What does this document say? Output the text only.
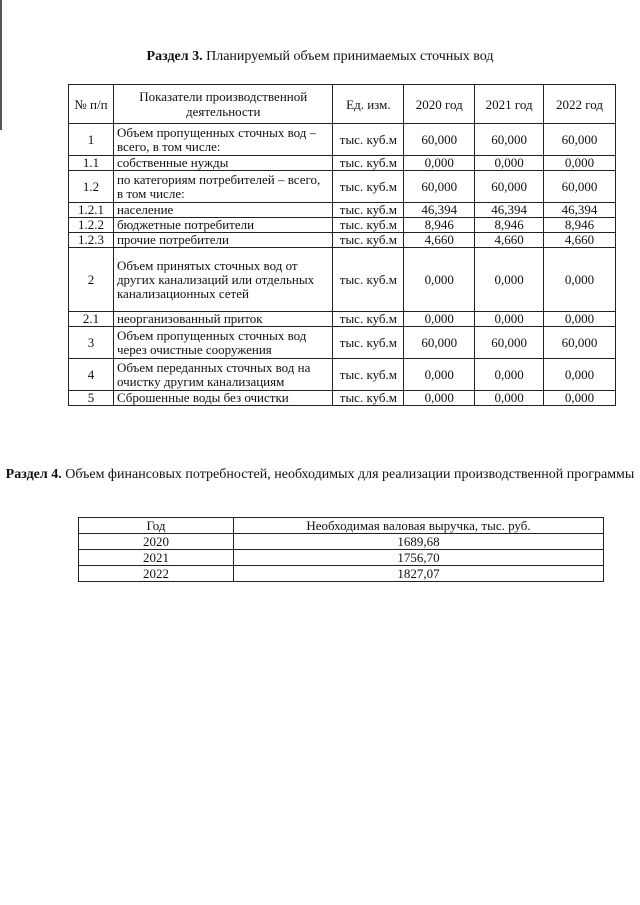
Раздел 3. Планируемый объем принимаемых сточных вод
№ п/п	Показатели производственной деятельности	Ед. изм.	2020 год	2021 год	2022 год
1	Объем пропущенных сточных вод – всего, в том числе:	тыс. куб.м	60,000	60,000	60,000
1.1	собственные нужды	тыс. куб.м	0,000	0,000	0,000
1.2	по категориям потребителей – всего, в том числе:	тыс. куб.м	60,000	60,000	60,000
1.2.1	население	тыс. куб.м	46,394	46,394	46,394
1.2.2	бюджетные потребители	тыс. куб.м	8,946	8,946	8,946
1.2.3	прочие потребители	тыс. куб.м	4,660	4,660	4,660
2	Объем принятых сточных вод от других канализаций или отдельных канализационных сетей	тыс. куб.м	0,000	0,000	0,000
2.1	неорганизованный приток	тыс. куб.м	0,000	0,000	0,000
3	Объем пропущенных сточных вод через очистные сооружения	тыс. куб.м	60,000	60,000	60,000
4	Объем переданных сточных вод на очистку другим канализациям	тыс. куб.м	0,000	0,000	0,000
5	Сброшенные воды без очистки	тыс. куб.м	0,000	0,000	0,000
Раздел 4. Объем финансовых потребностей, необходимых для реализации производственной программы
Год	Необходимая валовая выручка, тыс. руб.
2020	1689,68
2021	1756,70
2022	1827,07
